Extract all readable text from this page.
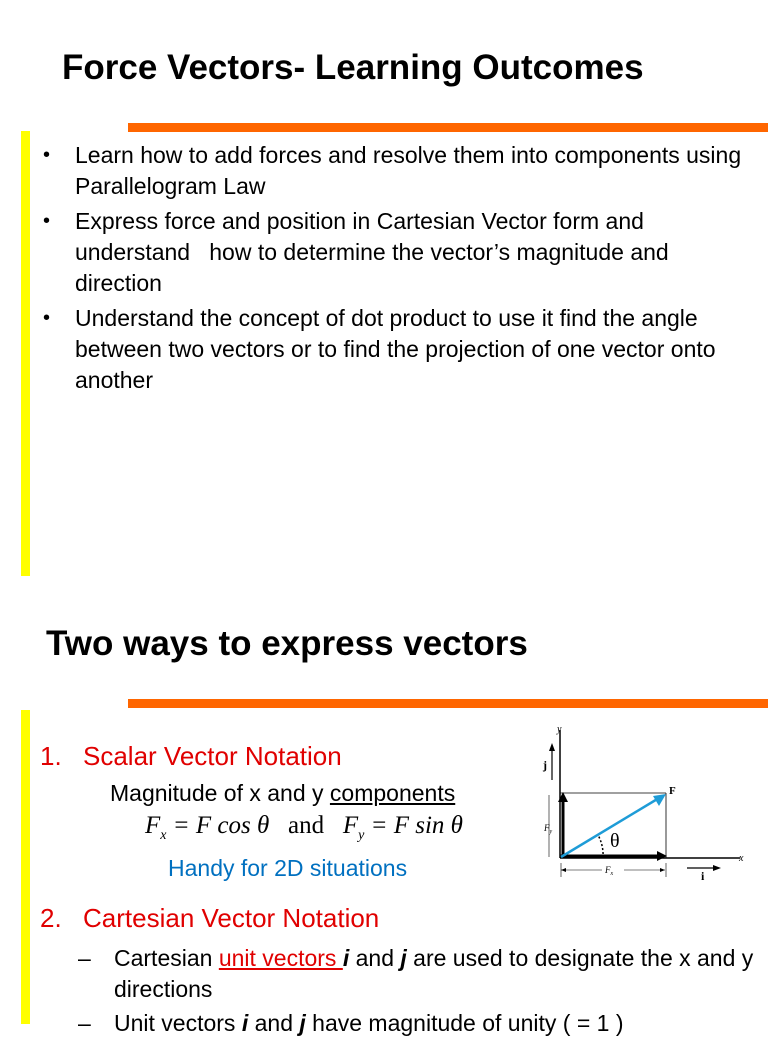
Force Vectors- Learning Outcomes
• Learn how to add forces and resolve them into components using Parallelogram Law
• Express force and position in Cartesian Vector form and understand   how to determine the vector’s magnitude and direction
• Understand the concept of dot product to use it find the angle between two vectors or to find the projection of one vector onto another
Two ways to express vectors
1. Scalar Vector Notation
Magnitude of x and y components
$F_x = F$ cos θ and $F_y = F$ sin θ
Handy for 2D situations
y
x
j
F
θ
$F_y$
$F_x$	i
2. Cartesian Vector Notation
–	Cartesian unit vectors i and j are used to designate the x and y directions
–	Unit vectors i and j have magnitude of unity ( = 1 )
